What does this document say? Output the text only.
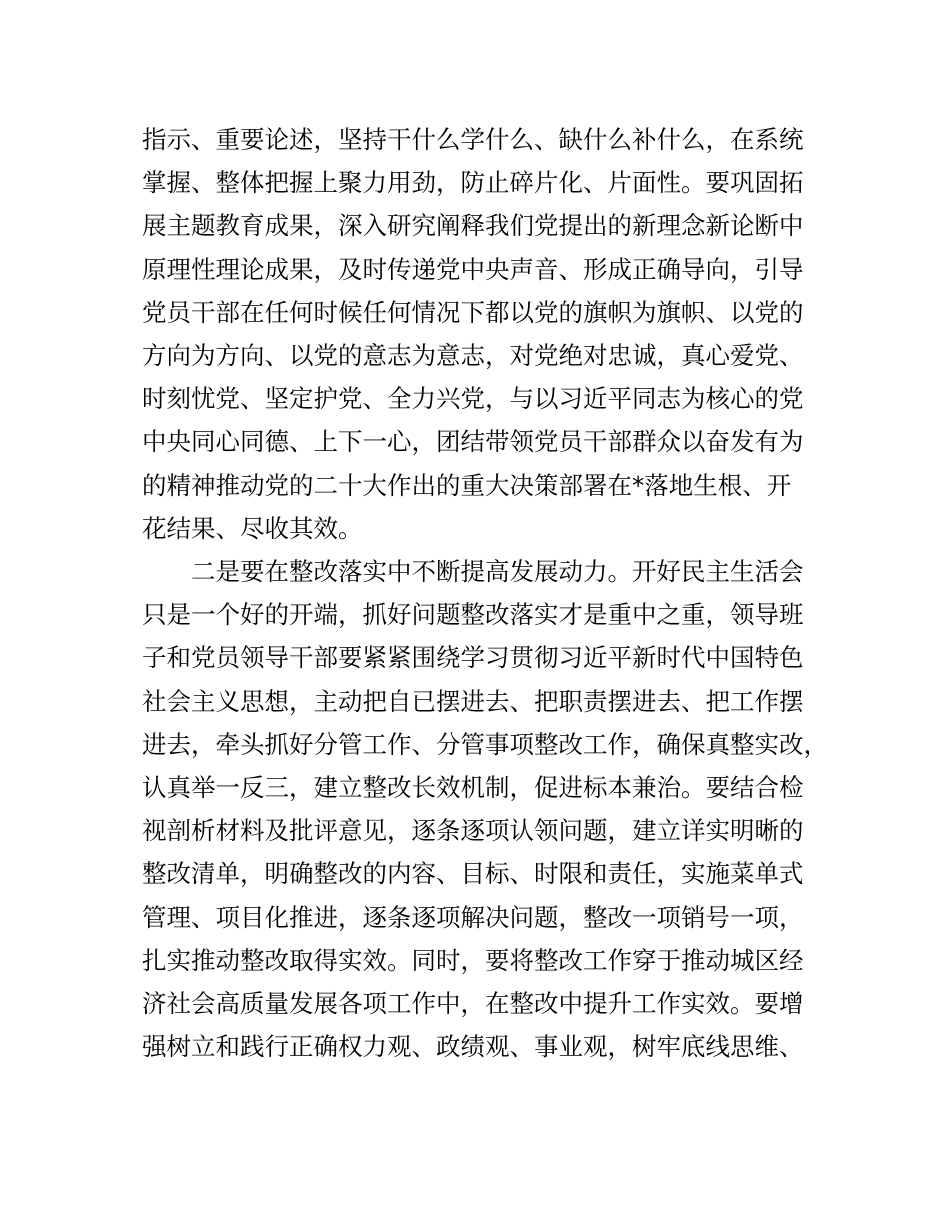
指示、重要论述，坚持干什么学什么、缺什么补什么，在系统
掌握、整体把握上聚力用劲，防止碎片化、片面性。要巩固拓
展主题教育成果，深入研究阐释我们党提出的新理念新论断中
原理性理论成果，及时传递党中央声音、形成正确导向，引导
党员干部在任何时候任何情况下都以党的旗帜为旗帜、以党的
方向为方向、以党的意志为意志，对党绝对忠诚，真心爱党、
时刻忧党、坚定护党、全力兴党，与以习近平同志为核心的党
中央同心同德、上下一心，团结带领党员干部群众以奋发有为
的精神推动党的二十大作出的重大决策部署在*落地生根、开
花结果、尽收其效。
二是要在整改落实中不断提高发展动力。开好民主生活会
只是一个好的开端，抓好问题整改落实才是重中之重，领导班
子和党员领导干部要紧紧围绕学习贯彻习近平新时代中国特色
社会主义思想，主动把自已摆进去、把职责摆进去、把工作摆
进去，牵头抓好分管工作、分管事项整改工作，确保真整实改，
认真举一反三，建立整改长效机制，促进标本兼治。要结合检
视剖析材料及批评意见，逐条逐项认领问题，建立详实明晰的
整改清单，明确整改的内容、目标、时限和责任，实施菜单式
管理、项目化推进，逐条逐项解决问题，整改一项销号一项，
扎实推动整改取得实效。同时，要将整改工作穿于推动城区经
济社会高质量发展各项工作中，在整改中提升工作实效。要增
强树立和践行正确权力观、政绩观、事业观，树牢底线思维、
